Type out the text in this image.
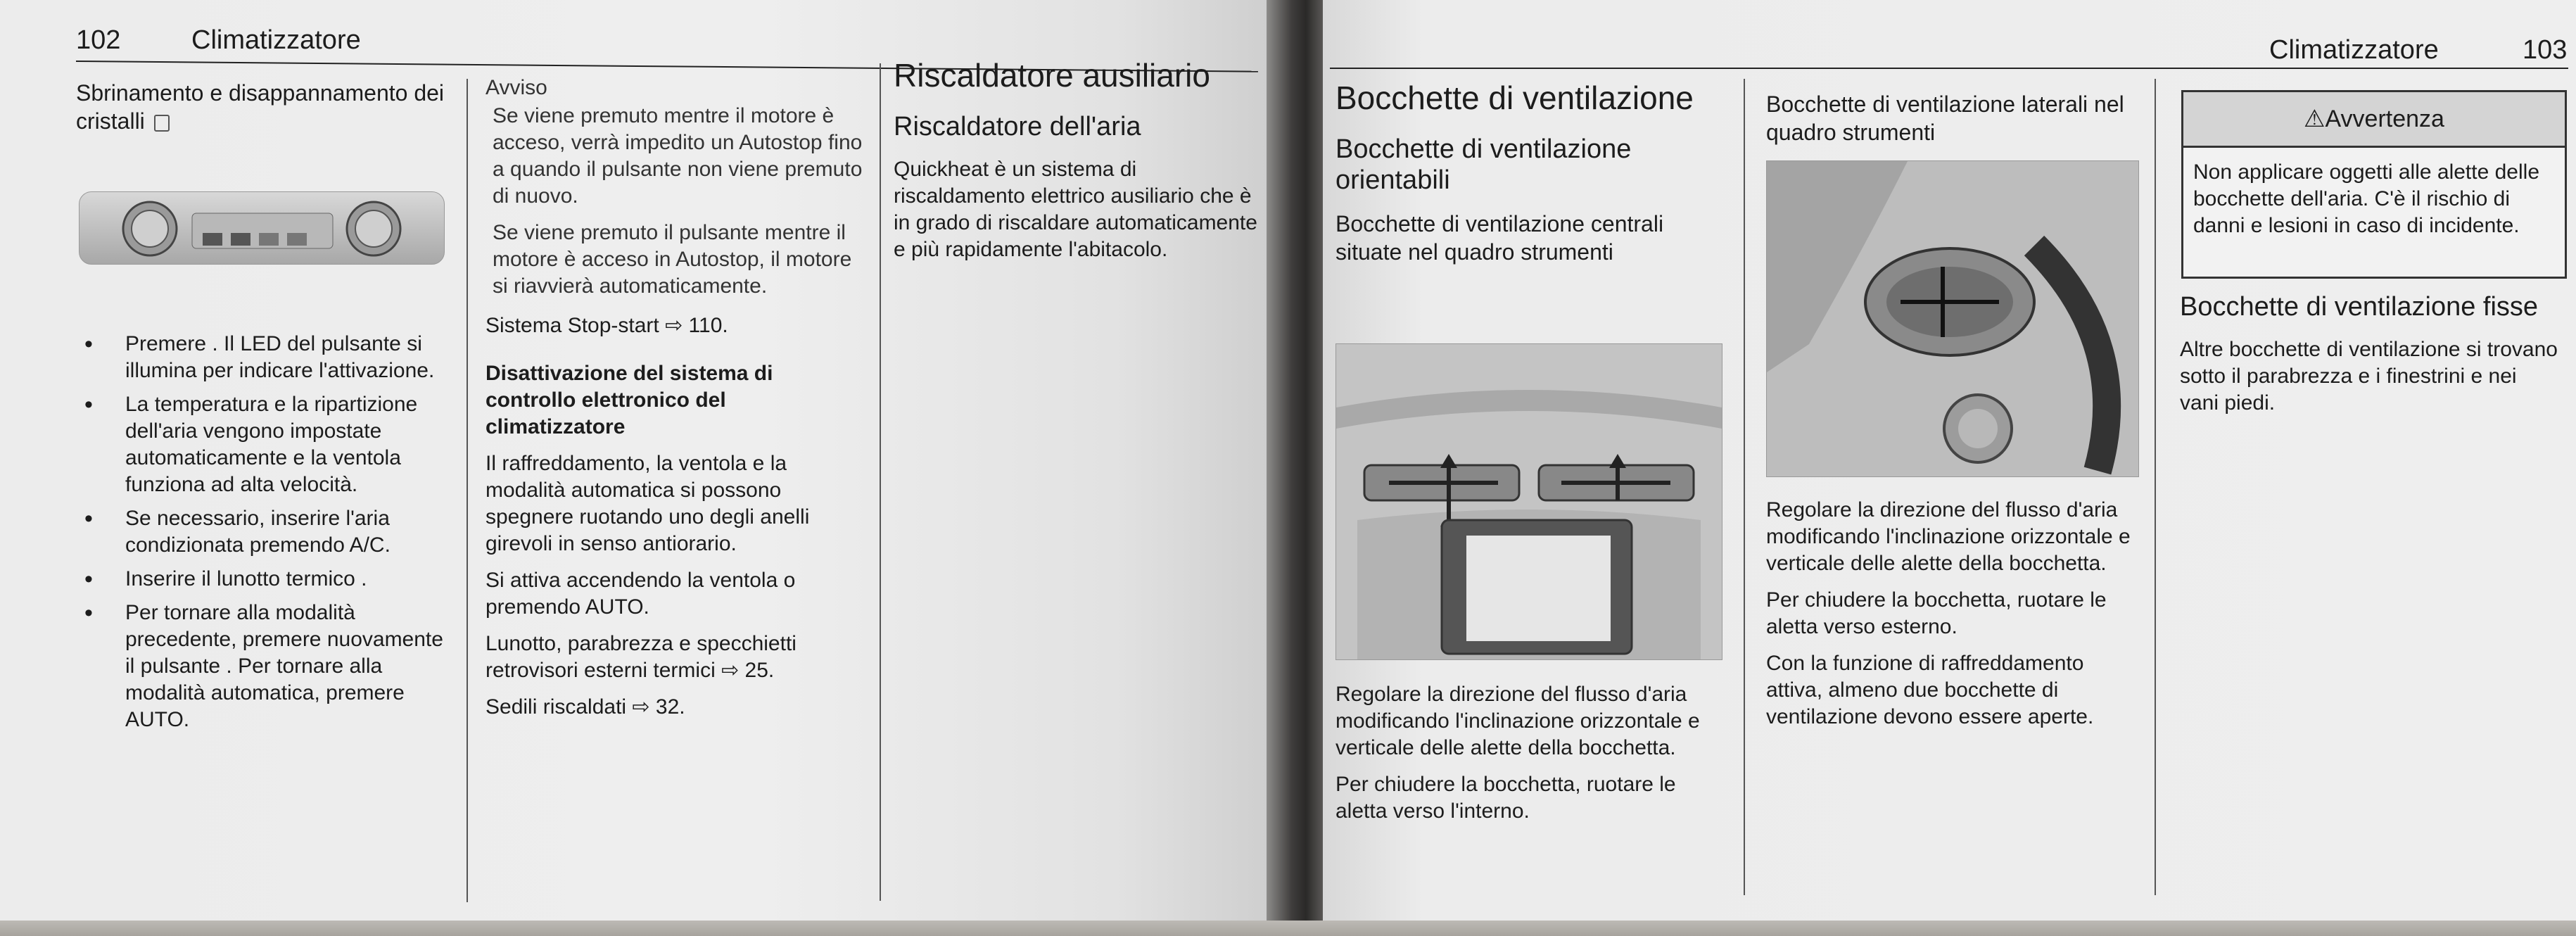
102	Climatizzatore
Sbrinamento e disappannamento dei cristalli
• Premere . Il LED del pulsante si illumina per indicare l'attivazione.
• La temperatura e la ripartizione dell'aria vengono impostate automaticamente e la ventola funziona ad alta velocità.
• Se necessario, inserire l'aria condizionata premendo A/C.
• Inserire il lunotto termico .
• Per tornare alla modalità precedente, premere nuovamente il pulsante . Per tornare alla modalità automatica, premere AUTO.

Avviso

Se viene premuto mentre il motore è acceso, verrà impedito un Autostop fino a quando il pulsante non viene premuto di nuovo.

Se viene premuto il pulsante mentre il motore è acceso in Autostop, il motore si riavvierà automaticamente.

Sistema Stop-start ⇨ 110.

Disattivazione del sistema di controllo elettronico del climatizzatore

Il raffreddamento, la ventola e la modalità automatica si possono spegnere ruotando uno degli anelli girevoli in senso antiorario.

Si attiva accendendo la ventola o premendo AUTO.

Lunotto, parabrezza e specchietti retrovisori esterni termici ⇨ 25.

Sedili riscaldati ⇨ 32.

Riscaldatore ausiliario
Riscaldatore dell'aria

Quickheat è un sistema di riscaldamento elettrico ausiliario che è in grado di riscaldare automaticamente e più rapidamente l'abitacolo.

Climatizzatore	103
Bocchette di ventilazione
Bocchette di ventilazione orientabili
Bocchette di ventilazione centrali situate nel quadro strumenti

Regolare la direzione del flusso d'aria modificando l'inclinazione orizzontale e verticale delle alette della bocchetta.

Per chiudere la bocchetta, ruotare le aletta verso l'interno.

Bocchette di ventilazione laterali nel quadro strumenti

Regolare la direzione del flusso d'aria modificando l'inclinazione orizzontale e verticale delle alette della bocchetta.

Per chiudere la bocchetta, ruotare le aletta verso esterno.

Con la funzione di raffreddamento attiva, almeno due bocchette di ventilazione devono essere aperte.

⚠Avvertenza
Non applicare oggetti alle alette delle bocchette dell'aria. C'è il rischio di danni e lesioni in caso di incidente.
Bocchette di ventilazione fisse

Altre bocchette di ventilazione si trovano sotto il parabrezza e i finestrini e nei vani piedi.
